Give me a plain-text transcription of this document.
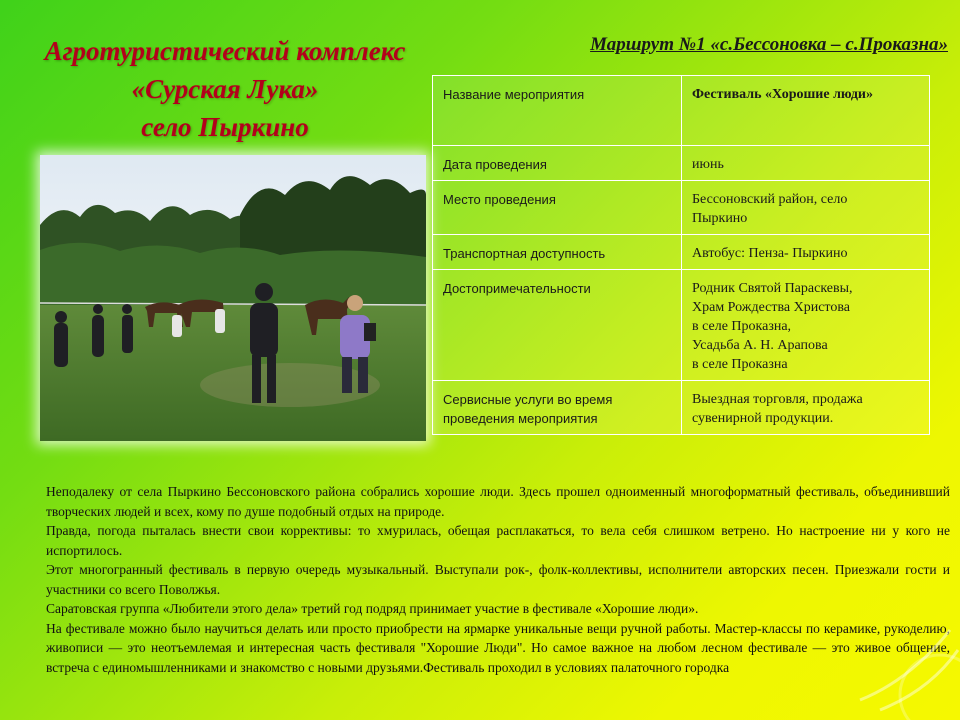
Агротуристический комплекс
«Сурская Лука»
село Пыркино
Маршрут №1 «с.Бессоновка – с.Проказна»
Название мероприятия	Фестиваль «Хорошие люди»
Дата проведения	июнь
Место проведения	Бессоновский район, село
Пыркино
Транспортная доступность	Автобус: Пенза- Пыркино
Достопримечательности	Родник Святой Параскевы,
Храм Рождества Христова
в селе Проказна,
Усадьба А. Н. Арапова
в селе Проказна
Сервисные услуги во время проведения мероприятия	Выездная торговля, продажа сувенирной продукции.

Неподалеку от села Пыркино Бессоновского района собрались хорошие люди. Здесь прошел одноименный многоформатный фестиваль, объединивший творческих людей и всех, кому по душе подобный отдых на природе.

Правда, погода пыталась внести свои коррективы: то хмурилась, обещая расплакаться, то вела себя слишком ветрено. Но настроение ни у кого не испортилось.

Этот многогранный фестиваль в первую очередь музыкальный. Выступали рок-, фолк-коллективы, исполнители авторских песен. Приезжали гости и участники со всего Поволжья.

Саратовская группа «Любители этого дела» третий год подряд принимает участие в фестивале «Хорошие люди».

На фестивале можно было научиться делать или просто приобрести на ярмарке уникальные вещи ручной работы. Мастер-классы по керамике, рукоделию, живописи — это неотъемлемая и интересная часть фестиваля "Хорошие Люди". Но самое важное на любом лесном фестивале — это живое общение, встреча с единомышленниками и знакомство с новыми друзьями.Фестиваль проходил в условиях палаточного городка
